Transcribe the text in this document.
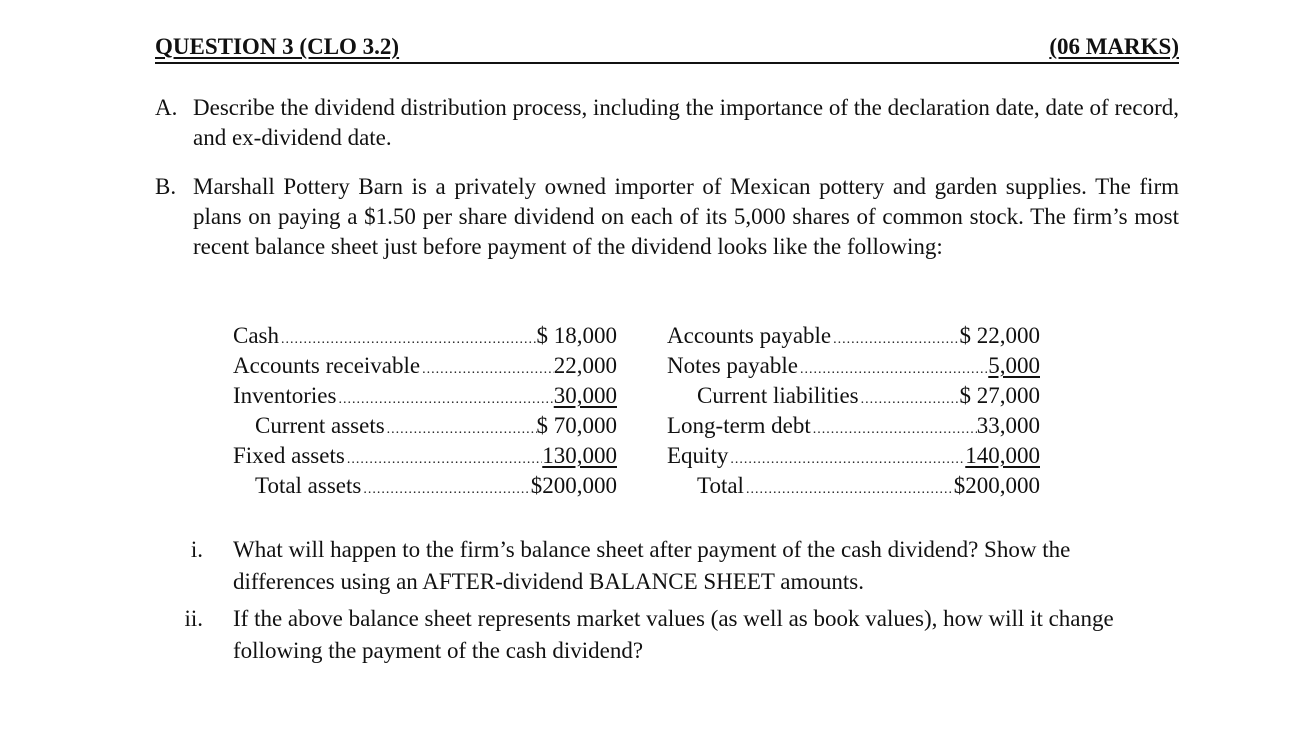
QUESTION 3 (CLO 3.2)	(06 MARKS)
A. Describe the dividend distribution process, including the importance of the declaration date, date of record, and ex-dividend date.
B. Marshall Pottery Barn is a privately owned importer of Mexican pottery and garden supplies. The firm plans on paying a $1.50 per share dividend on each of its 5,000 shares of common stock. The firm’s most recent balance sheet just before payment of the dividend looks like the following:
Cash .....	$ 18,000
Accounts receivable .....	22,000
Inventories .....	30,000
Current assets .....	$ 70,000
Fixed assets .....	130,000
Total assets .....	$200,000
Accounts payable .....	$ 22,000
Notes payable .....	5,000
Current liabilities .....	$ 27,000
Long-term debt .....	33,000
Equity .....	140,000
Total .....	$200,000
i. What will happen to the firm’s balance sheet after payment of the cash dividend? Show the differences using an AFTER-dividend BALANCE SHEET amounts.
ii. If the above balance sheet represents market values (as well as book values), how will it change following the payment of the cash dividend?
